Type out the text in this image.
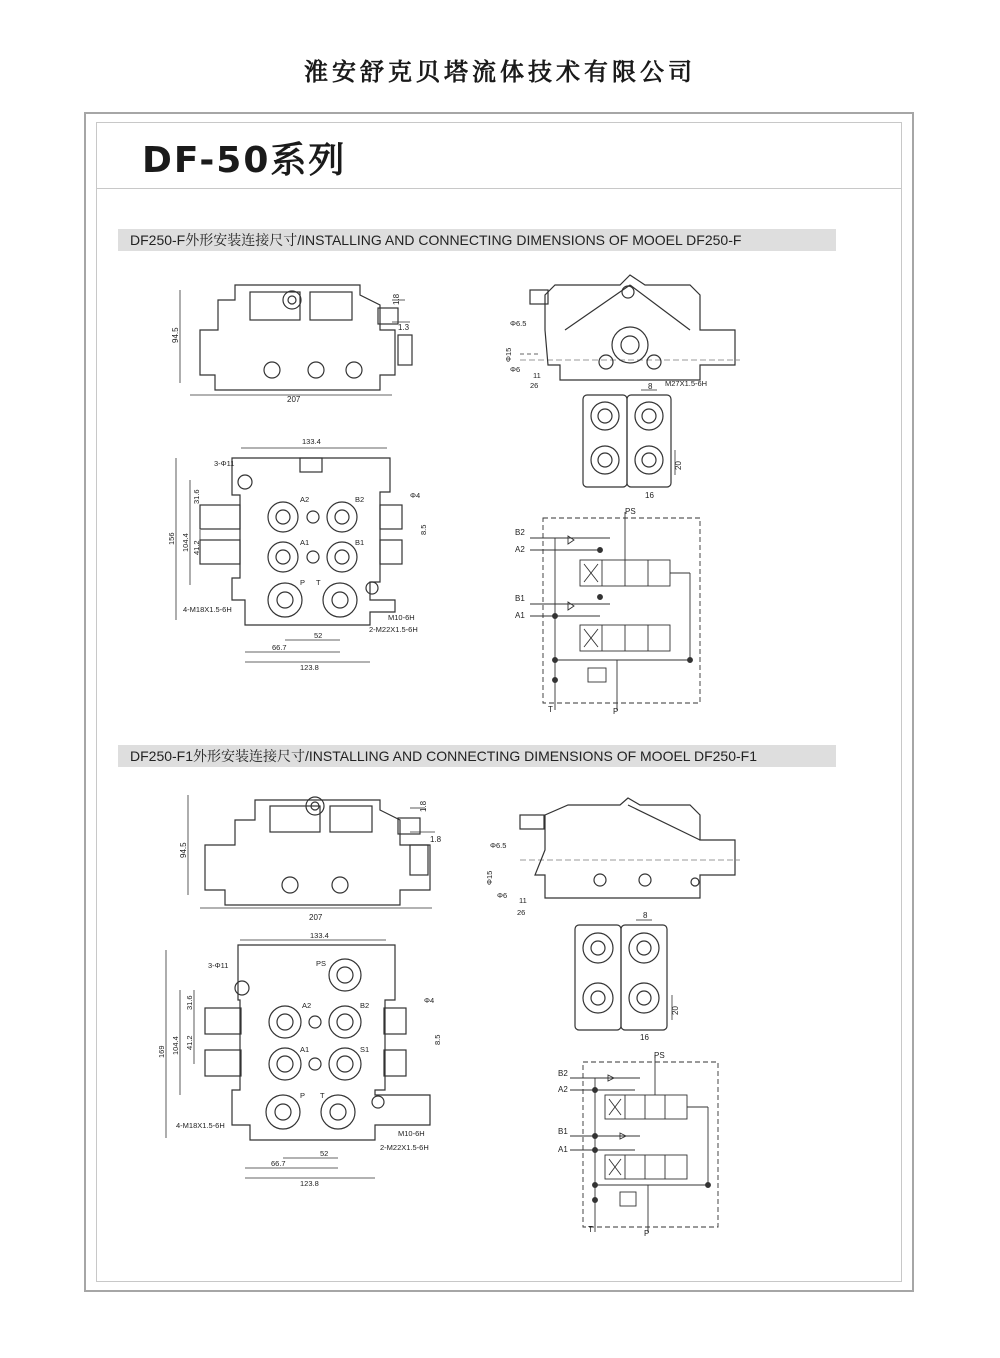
淮安舒克贝塔流体技术有限公司
DF-50系列
DF250-F外形安装连接尺寸/INSTALLING AND CONNECTING DIMENSIONS OF MOOEL DF250-F
DF250-F1外形安装连接尺寸/INSTALLING AND CONNECTING DIMENSIONS OF MOOEL DF250-F1
94.5
207
1.8
1.3	Φ6.5
Φ15
Φ6
11
26	M27X1.5-6H
8
20
16
133.4
3-Φ11
31.6
104.4 41.2
156
A2	B2
A1	B1
P T
Φ4
8.5
4-M18X1.5-6H
M10-6H
2-M22X1.5-6H
52
66.7
123.8
PS
B2
A2
B1
A1
T	P
94.5
207
1.8
1.8
Φ6.5
Φ15
Φ6
11
26	8
20
16
133.4
3-Φ11	PS
31.6
104.4 41.2
169
A2	B2
A1	S1
P T
Φ4
8.5
4-M18X1.5-6H
M10-6H
2-M22X1.5-6H
52
66.7
123.8
PS
B2
A2
B1
A1
T	P
